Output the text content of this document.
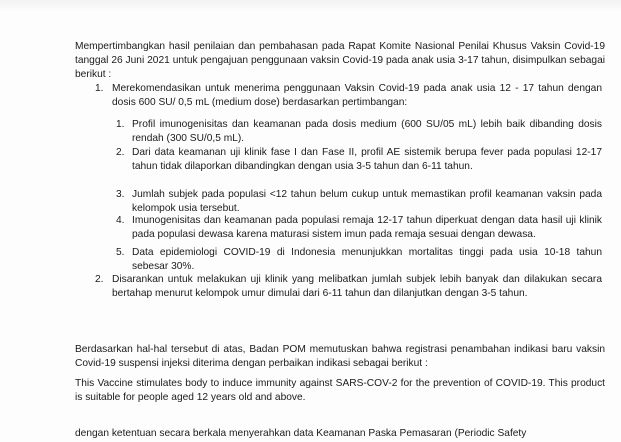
Mempertimbangkan hasil penilaian dan pembahasan pada Rapat Komite Nasional Penilai Khusus Vaksin Covid-19 tanggal 26 Juni 2021 untuk pengajuan penggunaan vaksin Covid-19 pada anak usia 3-17 tahun, disimpulkan sebagai berikut :
1. Merekomendasikan untuk menerima penggunaan Vaksin Covid-19 pada anak usia 12 - 17 tahun dengan dosis 600 SU/ 0,5 mL (medium dose) berdasarkan pertimbangan:
1. Profil imunogenisitas dan keamanan pada dosis medium (600 SU/05 mL) lebih baik dibanding dosis rendah (300 SU/0,5 mL).
2. Dari data keamanan uji klinik fase I dan Fase II, profil AE sistemik berupa fever pada populasi 12-17 tahun tidak dilaporkan dibandingkan dengan usia 3-5 tahun dan 6-11 tahun.
3. Jumlah subjek pada populasi <12 tahun belum cukup untuk memastikan profil keamanan vaksin pada kelompok usia tersebut.
4. Imunogenisitas dan keamanan pada populasi remaja 12-17 tahun diperkuat dengan data hasil uji klinik pada populasi dewasa karena maturasi sistem imun pada remaja sesuai dengan dewasa.
5. Data epidemiologi COVID-19 di Indonesia menunjukkan mortalitas tinggi pada usia 10-18 tahun sebesar 30%.
2. Disarankan untuk melakukan uji klinik yang melibatkan jumlah subjek lebih banyak dan dilakukan secara bertahap menurut kelompok umur dimulai dari 6-11 tahun dan dilanjutkan dengan 3-5 tahun.
Berdasarkan hal-hal tersebut di atas, Badan POM memutuskan bahwa registrasi penambahan indikasi baru vaksin Covid-19 suspensi injeksi diterima dengan perbaikan indikasi sebagai berikut :
This Vaccine stimulates body to induce immunity against SARS-COV-2 for the prevention of COVID-19. This product is suitable for people aged 12 years old and above.
dengan ketentuan secara berkala menyerahkan data Keamanan Paska Pemasaran (Periodic Safety
